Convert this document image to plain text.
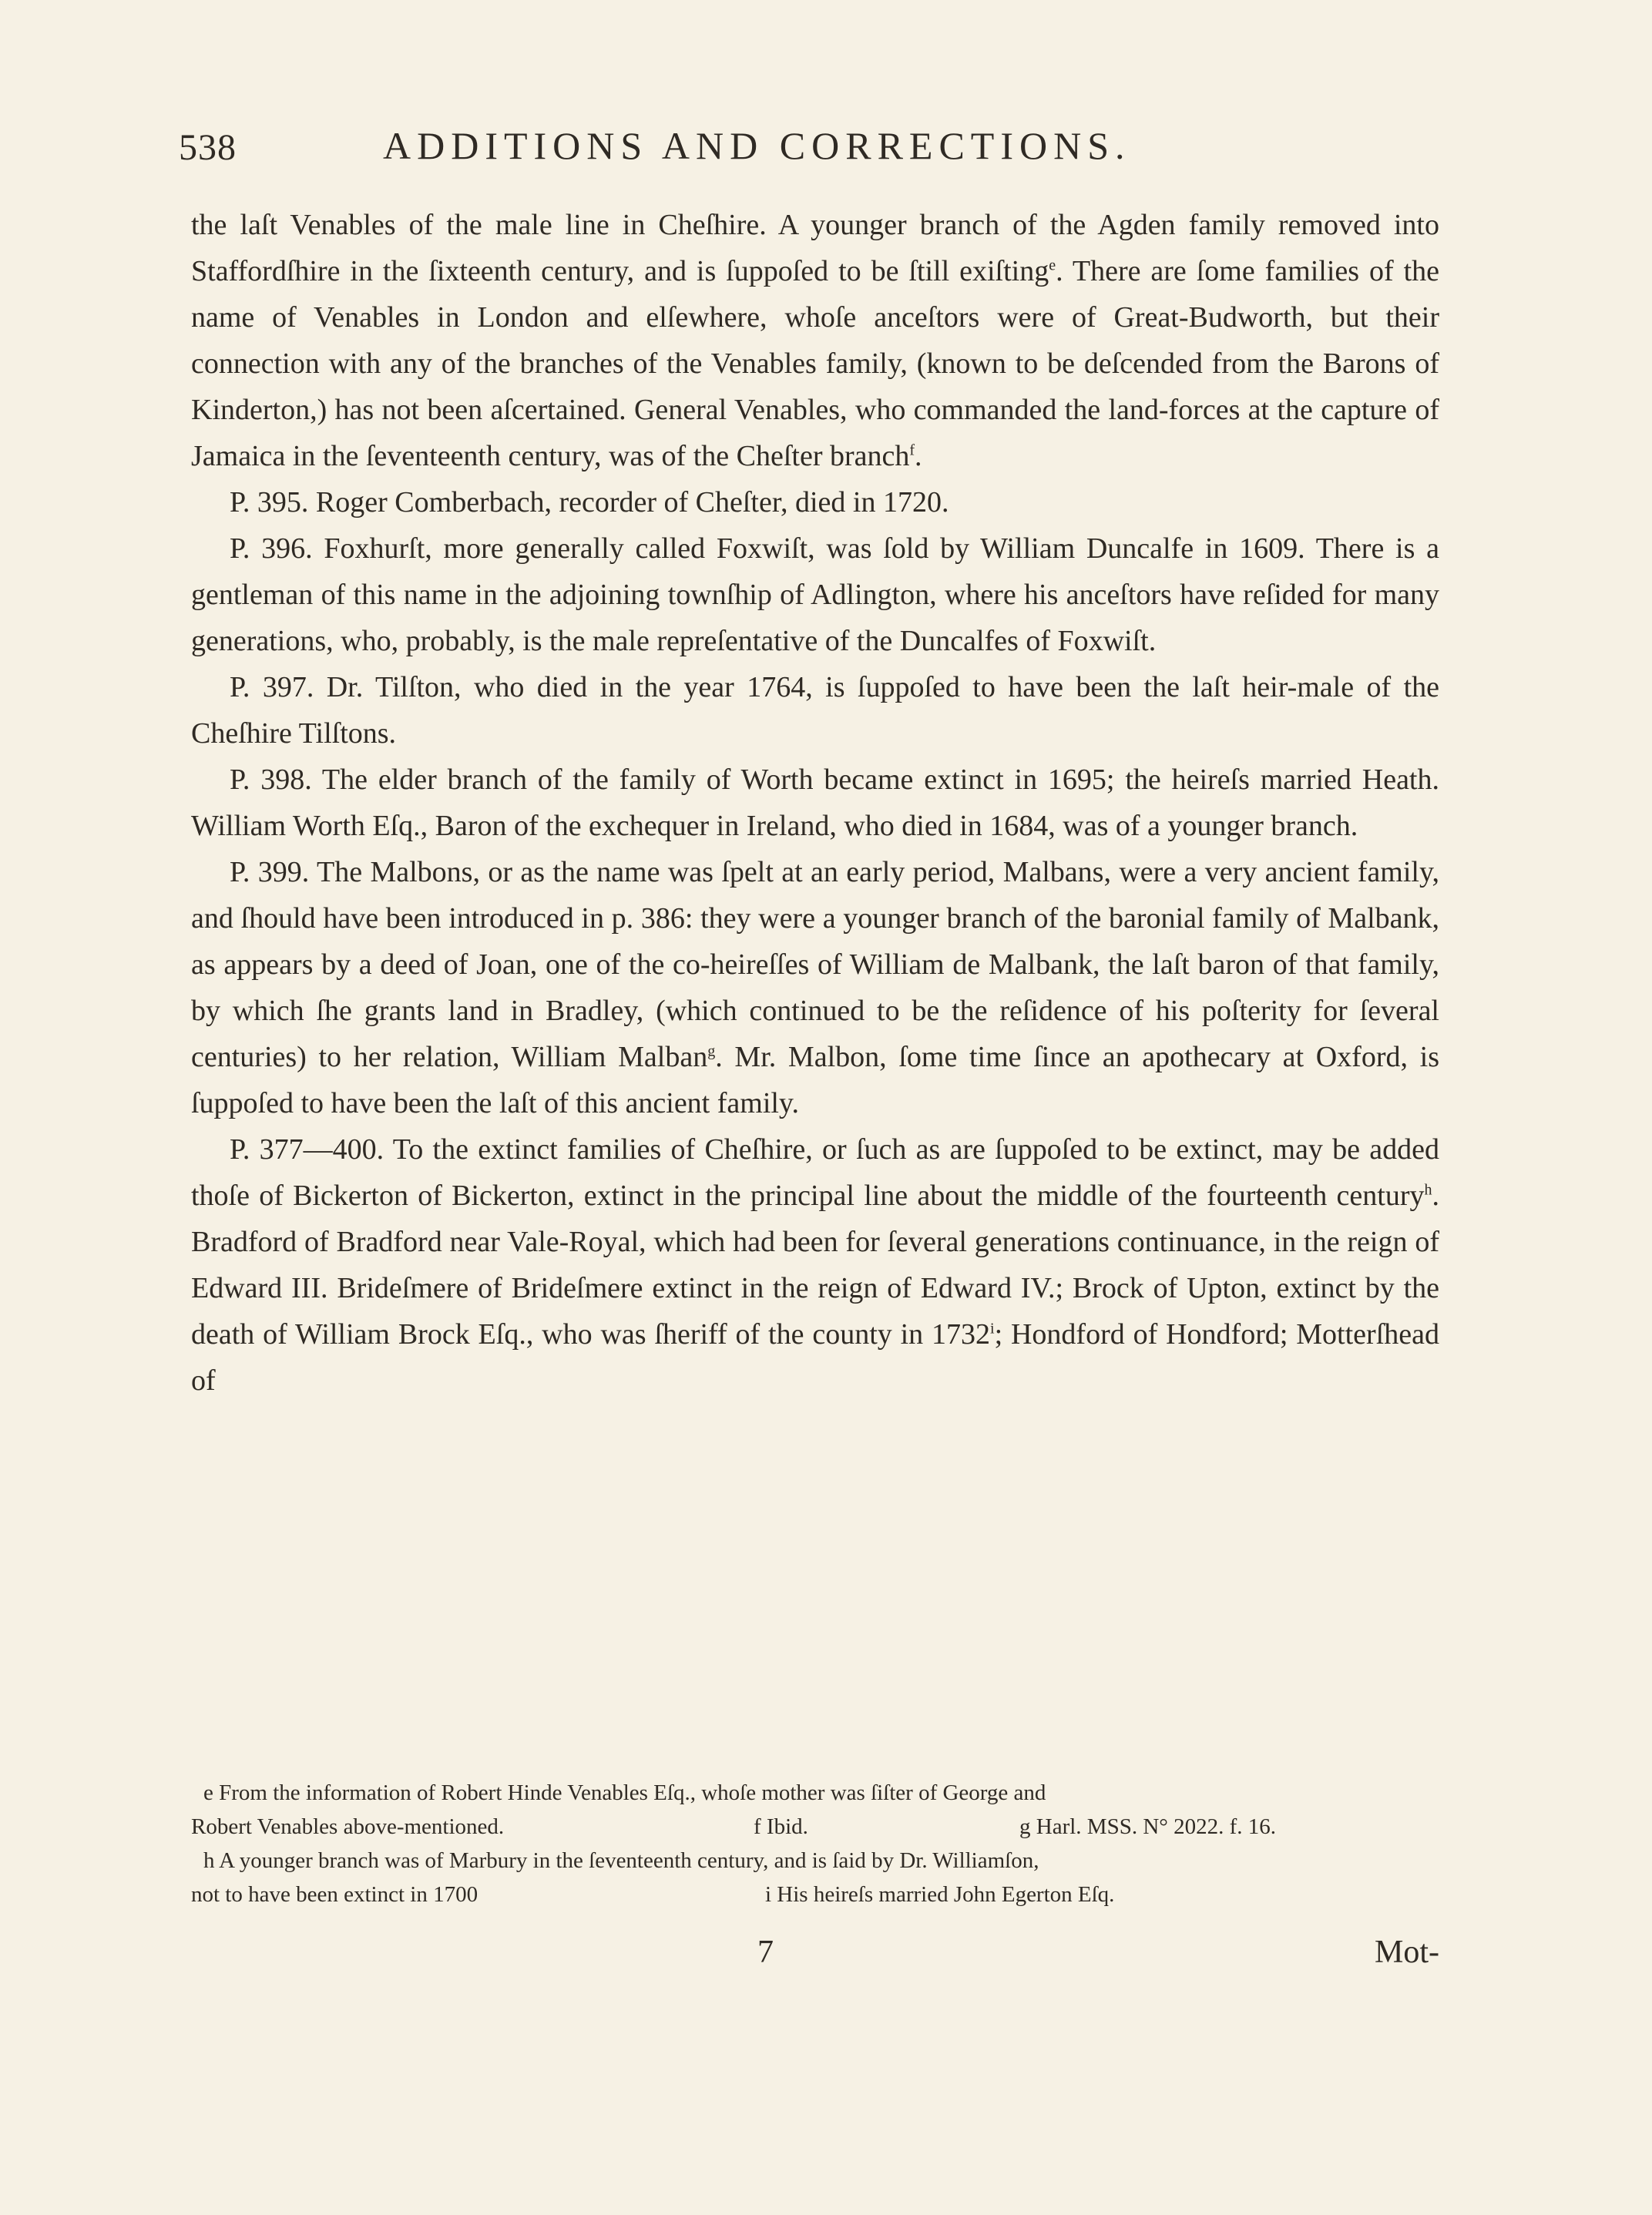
538	ADDITIONS AND CORRECTIONS.

the laſt Venables of the male line in Cheſhire. A younger branch of the Agden family removed into Staffordſhire in the ſixteenth century, and is ſuppoſed to be ſtill exiſting$^e$. There are ſome families of the name of Venables in London and elſewhere, whoſe anceſtors were of Great-Budworth, but their connection with any of the branches of the Venables family, (known to be deſcended from the Barons of Kinderton,) has not been aſcertained. General Venables, who commanded the land-forces at the capture of Jamaica in the ſeventeenth century, was of the Cheſter branch$^f$.

P. 395. Roger Comberbach, recorder of Cheſter, died in 1720.

P. 396. Foxhurſt, more generally called Foxwiſt, was ſold by William Duncalfe in 1609. There is a gentleman of this name in the adjoining townſhip of Adlington, where his anceſtors have reſided for many generations, who, probably, is the male repreſentative of the Duncalfes of Foxwiſt.

P. 397. Dr. Tilſton, who died in the year 1764, is ſuppoſed to have been the laſt heir-male of the Cheſhire Tilſtons.

P. 398. The elder branch of the family of Worth became extinct in 1695; the heireſs married Heath. William Worth Eſq., Baron of the exchequer in Ireland, who died in 1684, was of a younger branch.

P. 399. The Malbons, or as the name was ſpelt at an early period, Malbans, were a very ancient family, and ſhould have been introduced in p. 386: they were a younger branch of the baronial family of Malbank, as appears by a deed of Joan, one of the co-heireſſes of William de Malbank, the laſt baron of that family, by which ſhe grants land in Bradley, (which continued to be the reſidence of his poſterity for ſeveral centuries) to her relation, William Malban$^g$. Mr. Malbon, ſome time ſince an apothecary at Oxford, is ſuppoſed to have been the laſt of this ancient family.

P. 377—400. To the extinct families of Cheſhire, or ſuch as are ſuppoſed to be extinct, may be added thoſe of Bickerton of Bickerton, extinct in the principal line about the middle of the fourteenth century$^h$. Bradford of Bradford near Vale-Royal, which had been for ſeveral generations continuance, in the reign of Edward III. Brideſmere of Brideſmere extinct in the reign of Edward IV.; Brock of Upton, extinct by the death of William Brock Eſq., who was ſheriff of the county in 1732$^i$; Hondford of Hondford; Motterſhead of

e From the information of Robert Hinde Venables Eſq., whoſe mother was ſiſter of George and
Robert Venables above-mentioned.	f Ibid.	g Harl. MSS. N° 2022. f. 16.
h A younger branch was of Marbury in the ſeventeenth century, and is ſaid by Dr. Williamſon,
not to have been extinct in 1700	i His heireſs married John Egerton Eſq.
7	Mot-
